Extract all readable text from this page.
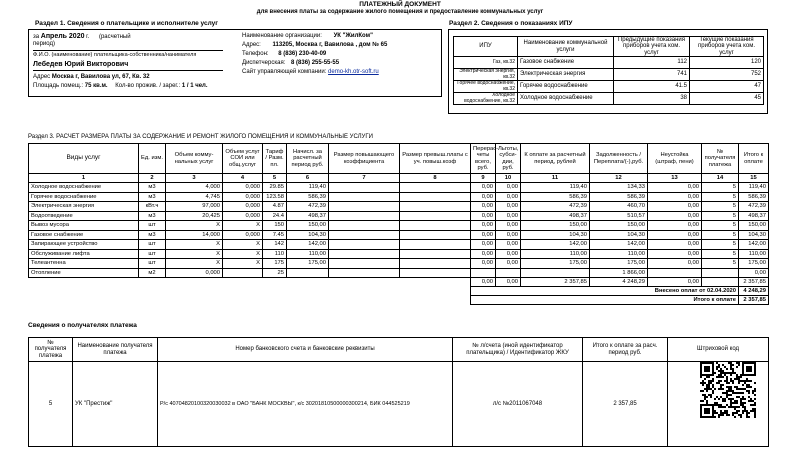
ПЛАТЕЖНЫЙ ДОКУМЕНТ
для внесения платы за содержание жилого помещения и предоставление коммунальных услуг
Раздел 1. Сведения о плательщике и исполнителе услуг
за Апрель 2020 г. (расчетный
период)
Ф.И.О. (наименование) плательщика-собственника/нанимателя
Лебедев Юрий Викторович
Адрес Москва г, Вавилова ул, 67, Кв. 32
Площадь помещ.: 75 кв.м. Кол-во прожив. / зарег.: 1 / 1 чел.
Наименование организации: УК "ЖилКом"
Адрес: 113205, Москва г, Вавилова , дом № 65
Телефон: 8 (836) 230-40-09
Диспетчерская: 8 (836) 255-55-55
Сайт управляющей компании: demo-kh.otr-soft.ru
Раздел 2. Сведения о показаниях ИПУ
ИПУ	Наименование коммунальной услуги	Предыдущие показания приборов учета ком. услуг	Текущие показания приборов учета ком. услуг
Газ, кв.32	Газовое снабжение	112	120
Электрическая энергия, кв.32	Электрическая энергия	741	752
Горячее водоснабжение, кв.32	Горячее водоснабжение	41.5	47
Холодное водоснабжение, кв.32	Холодное водоснабжение	38	45
Раздел 3. РАСЧЕТ РАЗМЕРА ПЛАТЫ ЗА СОДЕРЖАНИЕ И РЕМОНТ ЖИЛОГО ПОМЕЩЕНИЯ И КОММУНАЛЬНЫЕ УСЛУГИ
Виды услуг	Ед. изм.	Объем комму-нальных услуг	Объем услуг СОИ или общ.услуг	Тариф / Разм. пл.	Начисл. за расчетный период руб.	Размер повышающего коэффициента	Размер превыш.платы с уч. повыш.коэф	Перерас-четы всего, руб.	Льготы, субси-дии, руб.	К оплате за расчетный период, рублей	Задолженность /Переплата/(-),руб.	Неустойка (штраф, пени)	№ получателя платежа	Итого к оплате
1	2	3	4	5	6	7	8	9	10	11	12	13	14	15
Холодное водоснабжение	м3	4,000	0,000	29.85	119,40			0,00	0,00	119,40	134,33	0,00	5	119,40
Горячее водоснабжение	м3	4,745	0,000	123.58	586,39			0,00	0,00	586,39	586,39	0,00	5	586,39
Электрическая энергия	кВт.ч	97,000	0,000	4.87	472,39			0,00	0,00	472,39	460,70	0,00	5	472,39
Водоотведение	м3	20,425	0,000	24.4	498,37			0,00	0,00	498,37	510,57	0,00	5	498,37
Вывоз мусора	шт	X	X	150	150,00			0,00	0,00	150,00	150,00	0,00	5	150,00
Газовое снабжение	м3	14,000	0,000	7.45	104,30			0,00	0,00	104,30	104,30	0,00	5	104,30
Запирающее устройство	шт	X	X	142	142,00			0,00	0,00	142,00	142,00	0,00	5	142,00
Обслуживание лифта	шт	X	X	110	110,00			0,00	0,00	110,00	110,00	0,00	5	110,00
Телеантенна	шт	X	X	175	175,00			0,00	0,00	175,00	175,00	0,00	5	175,00
Отопление	м2	0,000		25							1 866,00			0,00
								0,00	0,00	2 357,85	4 248,29	0,00		2 357,85
								Внесено оплат от 02.04.2020						4 248,29
								Итого к оплате						2 357,85
Сведения о получателях платежа
№ получателя платежа	Наименование получателя платежа	Номер банковского счета и банковские реквизиты	№ л/счета (иной идентификатор плательщика) / Идентификатор ЖКУ	Итого к оплате за расч. период руб.	Штриховой код
5	УК "Престиж"	Р/с 40704820100320030032 в ОАО "БАНК МОСКВЫ", к/с 30201810500000300214, БИК 044525219	л/с №2011067048	2 357,85	
